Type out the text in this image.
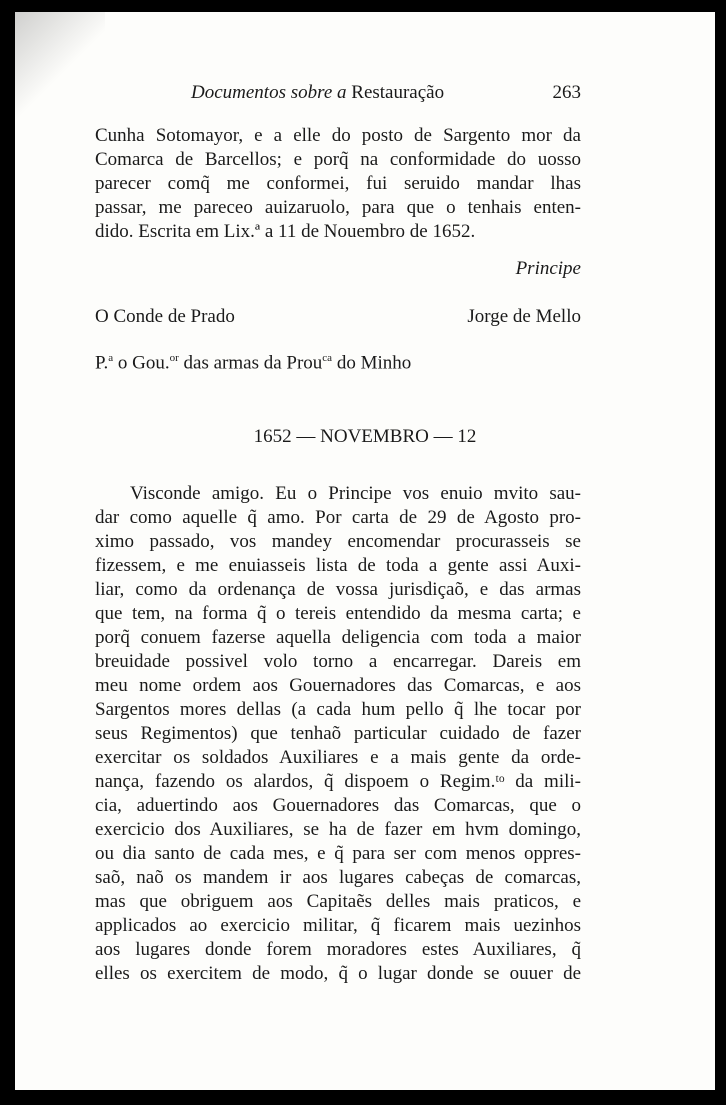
Documentos sobre a Restauração	263
Cunha Sotomayor, e a elle do posto de Sargento mor da
Comarca de Barcellos; e porq̃ na conformidade do uosso
parecer comq̃ me conformei, fui seruido mandar lhas
passar, me pareceo auizaruolo, para que o tenhais enten-
dido. Escrita em Lix.ª a 11 de Nouembro de 1652.
Principe
O Conde de Prado	Jorge de Mello
P.$^a$ o Gou.$^{or}$ das armas da Prou$^{ca}$ do Minho
1652 — NOVEMBRO — 12
Visconde amigo. Eu o Principe vos enuio mvito sau-
dar como aquelle q̃ amo. Por carta de 29 de Agosto pro-
ximo passado, vos mandey encomendar procurasseis se
fizessem, e me enuiasseis lista de toda a gente assi Auxi-
liar, como da ordenança de vossa jurisdiçaõ, e das armas
que tem, na forma q̃ o tereis entendido da mesma carta; e
porq̃ conuem fazerse aquella deligencia com toda a maior
breuidade possivel volo torno a encarregar. Dareis em
meu nome ordem aos Gouernadores das Comarcas, e aos
Sargentos mores dellas (a cada hum pello q̃ lhe tocar por
seus Regimentos) que tenhaõ particular cuidado de fazer
exercitar os soldados Auxiliares e a mais gente da orde-
nança, fazendo os alardos, q̃ dispoem o Regim.ᵗᵒ da mili-
cia, aduertindo aos Gouernadores das Comarcas, que o
exercicio dos Auxiliares, se ha de fazer em hvm domingo,
ou dia santo de cada mes, e q̃ para ser com menos oppres-
saõ, naõ os mandem ir aos lugares cabeças de comarcas,
mas que obriguem aos Capitaẽs delles mais praticos, e
applicados ao exercicio militar, q̃ ficarem mais uezinhos
aos lugares donde forem moradores estes Auxiliares, q̃
elles os exercitem de modo, q̃ o lugar donde se ouuer de
